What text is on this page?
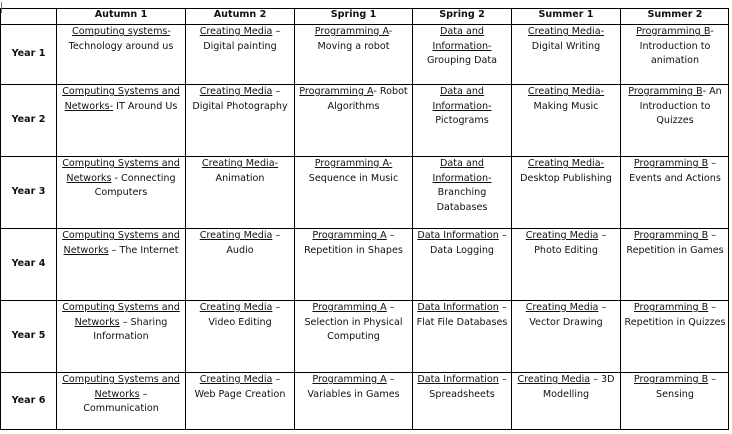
Autumn 1	Autumn 2	Spring 1	Spring 2	Summer 1	Summer 2
Year 1
Computing systems-Technology around us
Creating Media – Digital painting
Programming A- Moving a robot
Data and Information- Grouping Data
Creating Media- Digital Writing
Programming B- Introduction to animation
Year 2
Computing Systems and Networks- IT Around Us
Creating Media – Digital Photography
Programming A- Robot Algorithms
Data and Information- Pictograms
Creating Media- Making Music
Programming B- An Introduction to Quizzes
Year 3
Computing Systems and Networks - Connecting Computers
Creating Media- Animation
Programming A- Sequence in Music
Data and Information- Branching Databases
Creating Media- Desktop Publishing
Programming B – Events and Actions
Year 4
Computing Systems and Networks – The Internet
Creating Media – Audio
Programming A – Repetition in Shapes
Data Information – Data Logging
Creating Media – Photo Editing
Programming B – Repetition in Games
Year 5
Computing Systems and Networks – Sharing Information
Creating Media – Video Editing
Programming A – Selection in Physical Computing
Data Information – Flat File Databases
Creating Media – Vector Drawing
Programming B – Repetition in Quizzes
Year 6
Computing Systems and Networks – Communication
Creating Media – Web Page Creation
Programming A – Variables in Games
Data Information – Spreadsheets
Creating Media – 3D Modelling
Programming B – Sensing
